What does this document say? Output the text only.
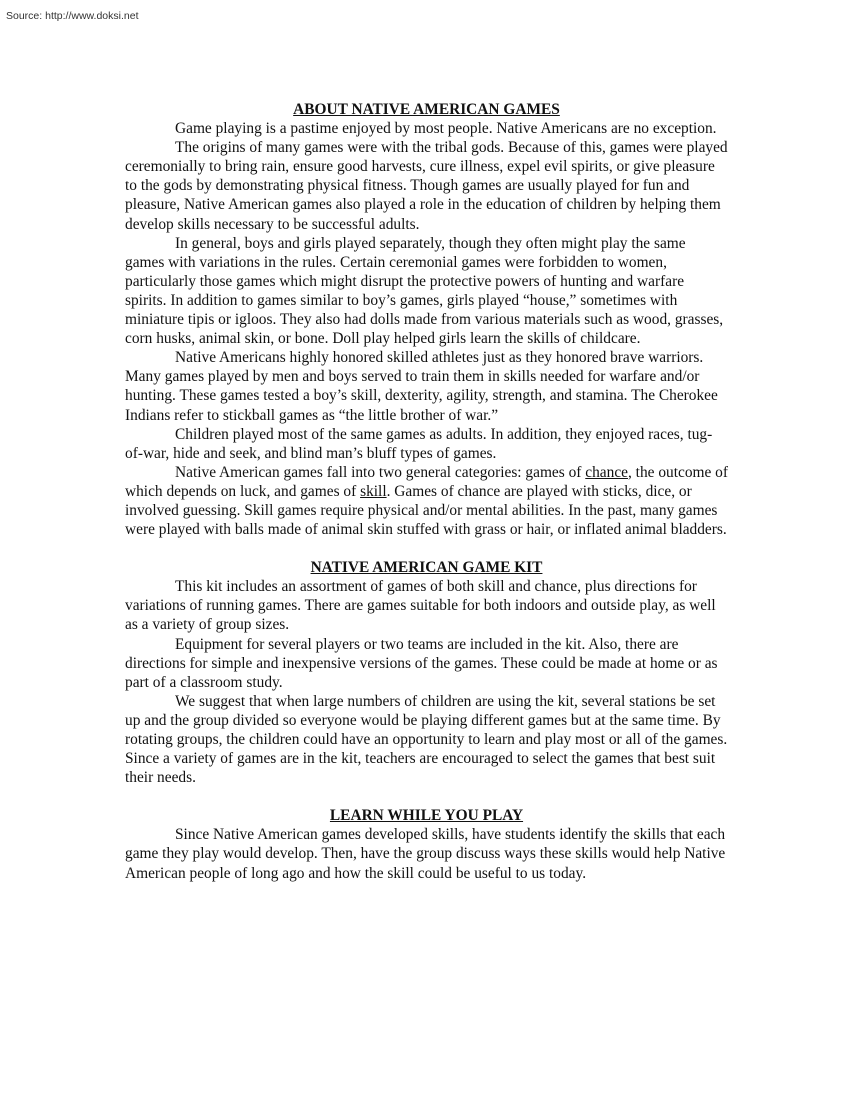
Source: http://www.doksi.net

ABOUT NATIVE AMERICAN GAMES

Game playing is a pastime enjoyed by most people. Native Americans are no exception.

The origins of many games were with the tribal gods. Because of this, games were played ceremonially to bring rain, ensure good harvests, cure illness, expel evil spirits, or give pleasure to the gods by demonstrating physical fitness. Though games are usually played for fun and pleasure, Native American games also played a role in the education of children by helping them develop skills necessary to be successful adults.

In general, boys and girls played separately, though they often might play the same games with variations in the rules. Certain ceremonial games were forbidden to women, particularly those games which might disrupt the protective powers of hunting and warfare spirits. In addition to games similar to boy’s games, girls played “house,” sometimes with miniature tipis or igloos. They also had dolls made from various materials such as wood, grasses, corn husks, animal skin, or bone. Doll play helped girls learn the skills of childcare.

Native Americans highly honored skilled athletes just as they honored brave warriors. Many games played by men and boys served to train them in skills needed for warfare and/or hunting. These games tested a boy’s skill, dexterity, agility, strength, and stamina. The Cherokee Indians refer to stickball games as “the little brother of war.”

Children played most of the same games as adults. In addition, they enjoyed races, tug-of-war, hide and seek, and blind man’s bluff types of games.

Native American games fall into two general categories: games of chance, the outcome of which depends on luck, and games of skill. Games of chance are played with sticks, dice, or involved guessing. Skill games require physical and/or mental abilities. In the past, many games were played with balls made of animal skin stuffed with grass or hair, or inflated animal bladders.

NATIVE AMERICAN GAME KIT

This kit includes an assortment of games of both skill and chance, plus directions for variations of running games. There are games suitable for both indoors and outside play, as well as a variety of group sizes.

Equipment for several players or two teams are included in the kit. Also, there are directions for simple and inexpensive versions of the games. These could be made at home or as part of a classroom study.

We suggest that when large numbers of children are using the kit, several stations be set up and the group divided so everyone would be playing different games but at the same time. By rotating groups, the children could have an opportunity to learn and play most or all of the games. Since a variety of games are in the kit, teachers are encouraged to select the games that best suit their needs.

LEARN WHILE YOU PLAY

Since Native American games developed skills, have students identify the skills that each game they play would develop. Then, have the group discuss ways these skills would help Native American people of long ago and how the skill could be useful to us today.
